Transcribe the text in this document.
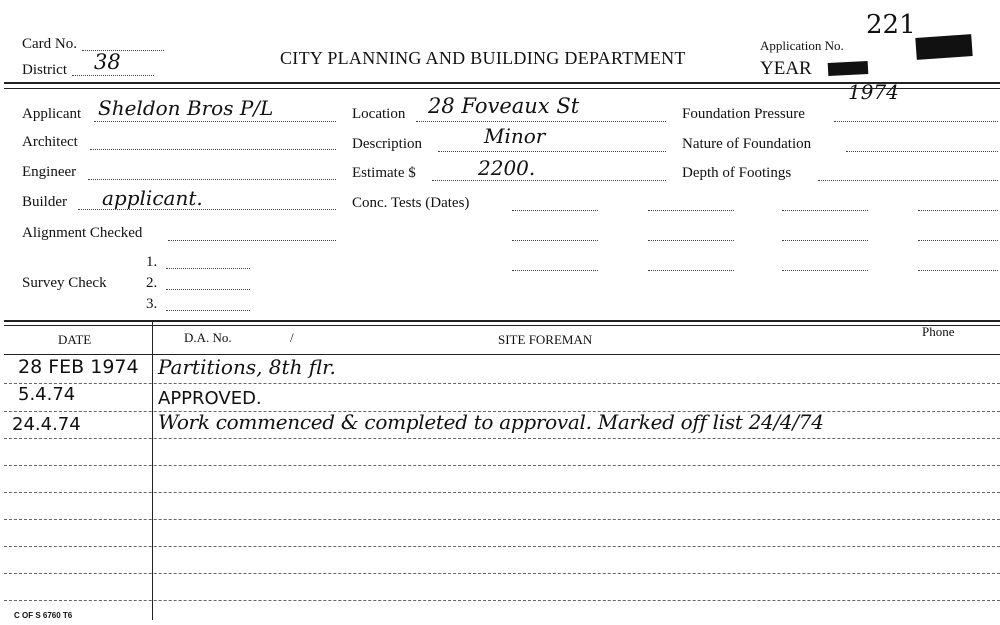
Card No.
District 38	CITY PLANNING AND BUILDING DEPARTMENT
Application No.
221
YEAR
1974
Applicant Sheldon Bros P/L
Architect
Engineer
Builder applicant.
Alignment Checked
Survey Check
1.
2.
3.
Location 28 Foveaux St
Description	Minor
Estimate $	2200.
Conc. Tests (Dates)
Foundation Pressure
Nature of Foundation
Depth of Footings
DATE	D.A. No.	/	SITE FOREMAN
Phone
28 FEB 1974 Partitions, 8th flr.
5.4.74	APPROVED.
24.4.74	Work commenced & completed to approval. Marked off list 24/4/74
C OF S 6760 T6
